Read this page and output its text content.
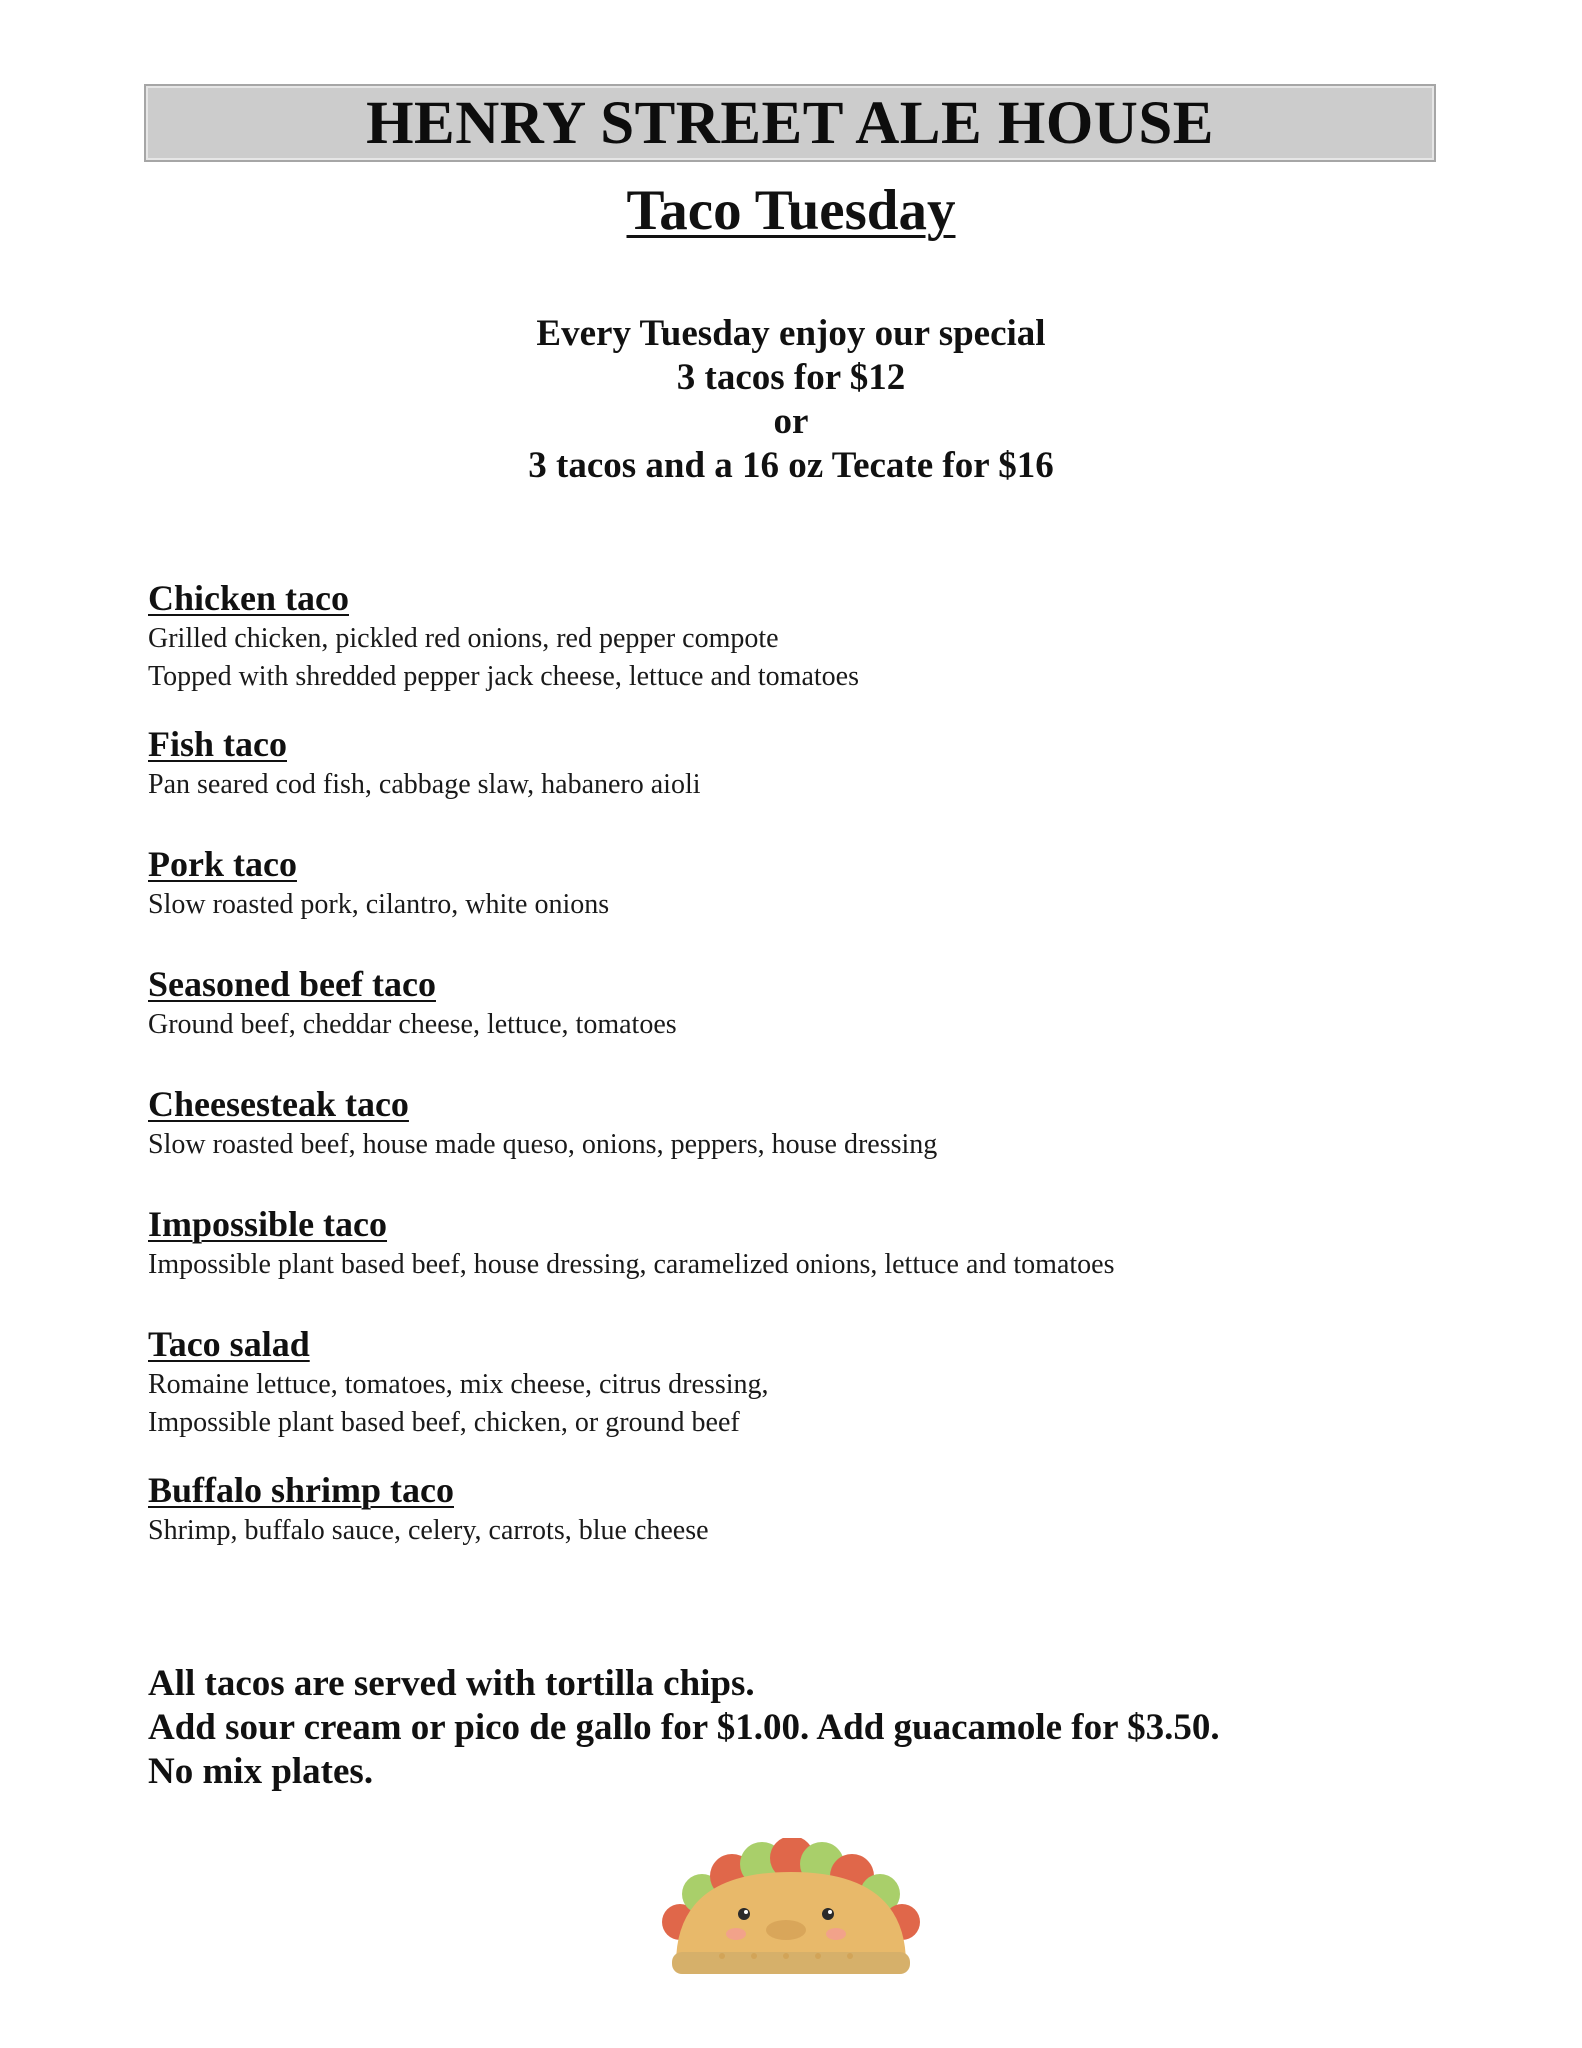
HENRY STREET ALE HOUSE
Taco Tuesday
Every Tuesday enjoy our special
3 tacos for $12
or
3 tacos and a 16 oz Tecate for $16
Chicken taco
Grilled chicken, pickled red onions, red pepper compote
Topped with shredded pepper jack cheese, lettuce and tomatoes
Fish taco
Pan seared cod fish, cabbage slaw, habanero aioli
Pork taco
Slow roasted pork, cilantro, white onions
Seasoned beef taco
Ground beef, cheddar cheese, lettuce, tomatoes
Cheesesteak taco
Slow roasted beef, house made queso, onions, peppers, house dressing
Impossible taco
Impossible plant based beef, house dressing, caramelized onions, lettuce and tomatoes
Taco salad
Romaine lettuce, tomatoes, mix cheese, citrus dressing,
Impossible plant based beef, chicken, or ground beef
Buffalo shrimp taco
Shrimp, buffalo sauce, celery, carrots, blue cheese
All tacos are served with tortilla chips.
Add sour cream or pico de gallo for $1.00. Add guacamole for $3.50.
No mix plates.
